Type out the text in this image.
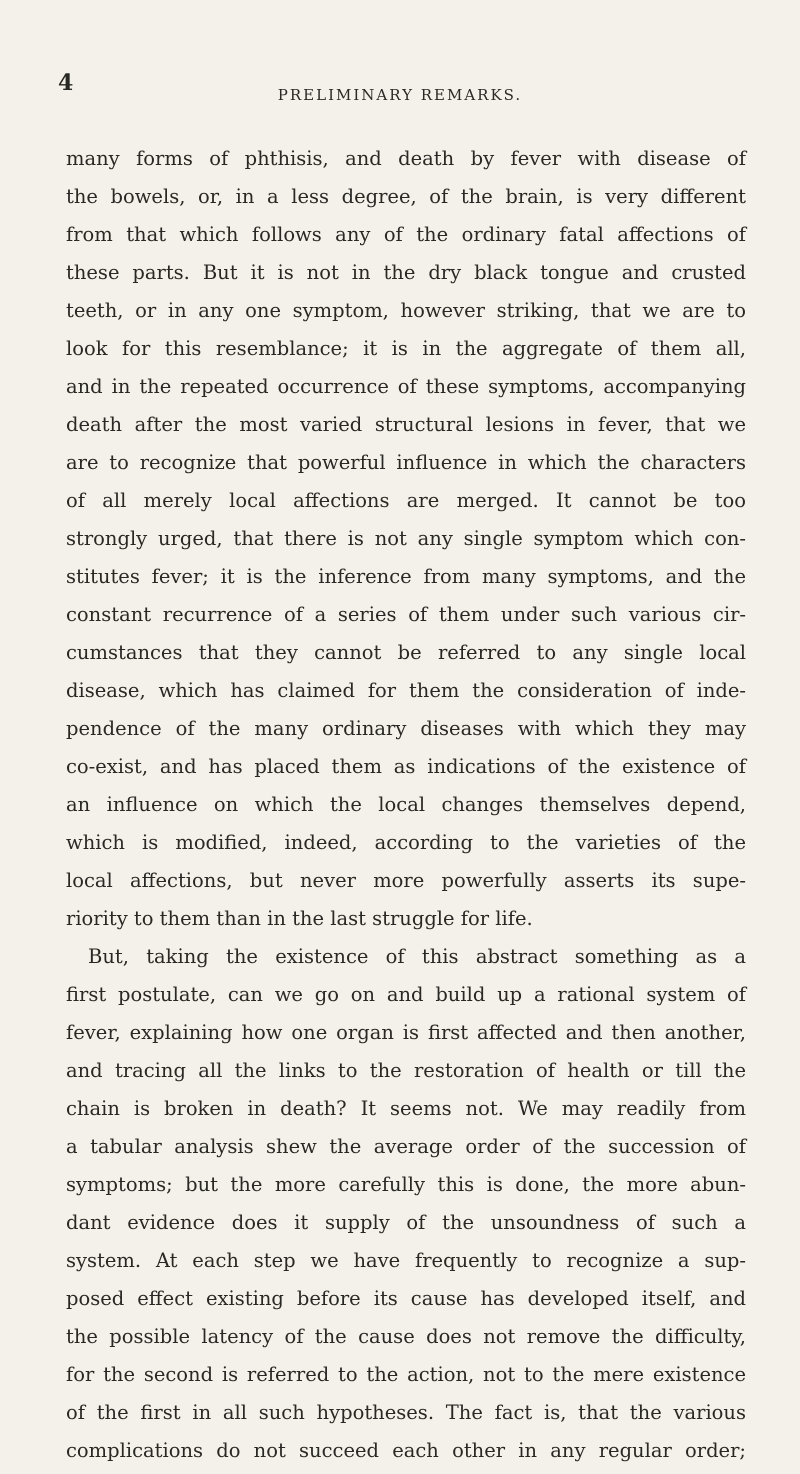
4	PRELIMINARY REMARKS.
many forms of phthisis, and death by fever with disease of
the bowels, or, in a less degree, of the brain, is very different
from that which follows any of the ordinary fatal affections of
these parts. But it is not in the dry black tongue and crusted
teeth, or in any one symptom, however striking, that we are to
look for this resemblance; it is in the aggregate of them all,
and in the repeated occurrence of these symptoms, accompanying
death after the most varied structural lesions in fever, that we
are to recognize that powerful influence in which the characters
of all merely local affections are merged. It cannot be too
strongly urged, that there is not any single symptom which con-
stitutes fever; it is the inference from many symptoms, and the
constant recurrence of a series of them under such various cir-
cumstances that they cannot be referred to any single local
disease, which has claimed for them the consideration of inde-
pendence of the many ordinary diseases with which they may
co-exist, and has placed them as indications of the existence of
an influence on which the local changes themselves depend,
which is modified, indeed, according to the varieties of the
local affections, but never more powerfully asserts its supe-
riority to them than in the last struggle for life.
But, taking the existence of this abstract something as a
first postulate, can we go on and build up a rational system of
fever, explaining how one organ is first affected and then another,
and tracing all the links to the restoration of health or till the
chain is broken in death? It seems not. We may readily from
a tabular analysis shew the average order of the succession of
symptoms; but the more carefully this is done, the more abun-
dant evidence does it supply of the unsoundness of such a
system. At each step we have frequently to recognize a sup-
posed effect existing before its cause has developed itself, and
the possible latency of the cause does not remove the difficulty,
for the second is referred to the action, not to the mere existence
of the first in all such hypotheses. The fact is, that the various
complications do not succeed each other in any regular order;
